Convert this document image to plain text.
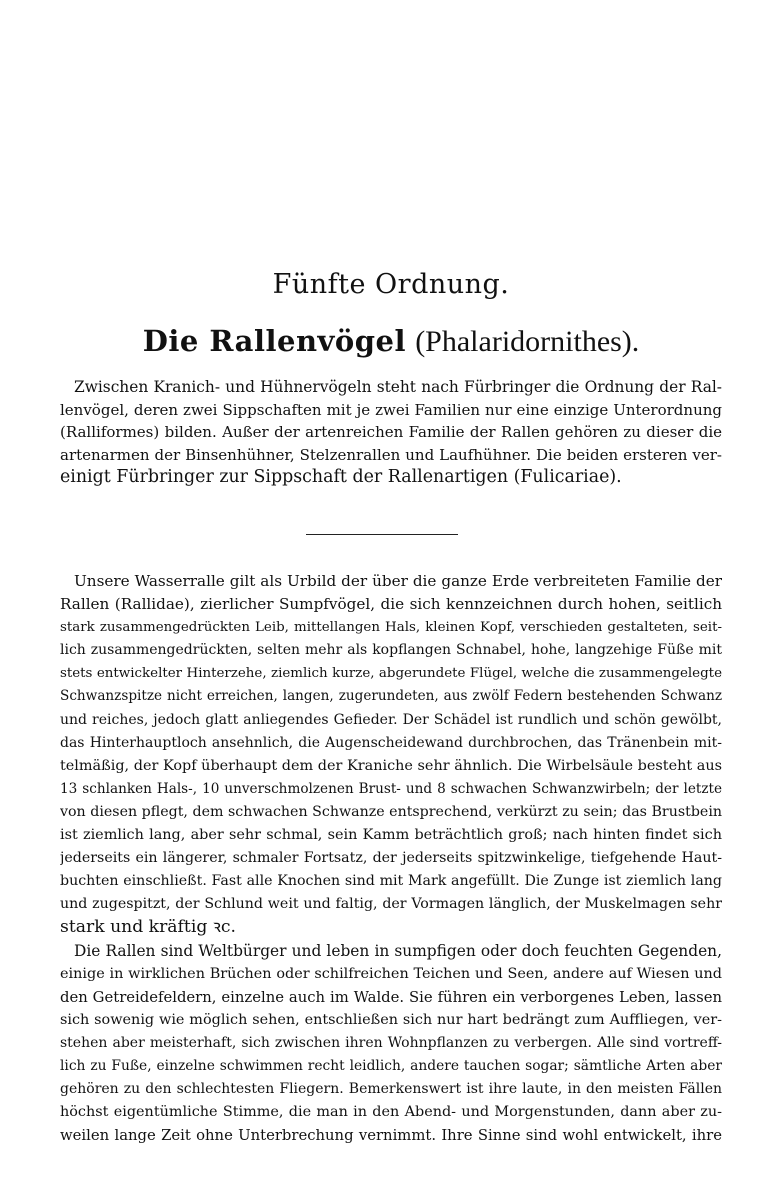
Fünfte Ordnung.
Die Rallenvögel (Phalaridornithes).
Zwischen Kranich- und Hühnervögeln steht nach Fürbringer die Ordnung der Ral-
lenvögel, deren zwei Sippschaften mit je zwei Familien nur eine einzige Unterordnung
(Ralliformes) bilden. Außer der artenreichen Familie der Rallen gehören zu dieser die
artenarmen der Binsenhühner, Stelzenrallen und Laufhühner. Die beiden ersteren ver-
einigt Fürbringer zur Sippschaft der Rallenartigen (Fulicariae).
Unsere Wasserralle gilt als Urbild der über die ganze Erde verbreiteten Familie der
Rallen (Rallidae), zierlicher Sumpfvögel, die sich kennzeichnen durch hohen, seitlich
stark zusammengedrückten Leib, mittellangen Hals, kleinen Kopf, verschieden gestalteten, seit-
lich zusammengedrückten, selten mehr als kopflangen Schnabel, hohe, langzehige Füße mit
stets entwickelter Hinterzehe, ziemlich kurze, abgerundete Flügel, welche die zusammengelegte
Schwanzspitze nicht erreichen, langen, zugerundeten, aus zwölf Federn bestehenden Schwanz
und reiches, jedoch glatt anliegendes Gefieder. Der Schädel ist rundlich und schön gewölbt,
das Hinterhauptloch ansehnlich, die Augenscheidewand durchbrochen, das Tränenbein mit-
telmäßig, der Kopf überhaupt dem der Kraniche sehr ähnlich. Die Wirbelsäule besteht aus
13 schlanken Hals-, 10 unverschmolzenen Brust- und 8 schwachen Schwanzwirbeln; der letzte
von diesen pflegt, dem schwachen Schwanze entsprechend, verkürzt zu sein; das Brustbein
ist ziemlich lang, aber sehr schmal, sein Kamm beträchtlich groß; nach hinten findet sich
jederseits ein längerer, schmaler Fortsatz, der jederseits spitzwinkelige, tiefgehende Haut-
buchten einschließt. Fast alle Knochen sind mit Mark angefüllt. Die Zunge ist ziemlich lang
und zugespitzt, der Schlund weit und faltig, der Vormagen länglich, der Muskelmagen sehr
stark und kräftig ꝛc.
Die Rallen sind Weltbürger und leben in sumpfigen oder doch feuchten Gegenden,
einige in wirklichen Brüchen oder schilfreichen Teichen und Seen, andere auf Wiesen und
den Getreidefeldern, einzelne auch im Walde. Sie führen ein verborgenes Leben, lassen
sich sowenig wie möglich sehen, entschließen sich nur hart bedrängt zum Auffliegen, ver-
stehen aber meisterhaft, sich zwischen ihren Wohnpflanzen zu verbergen. Alle sind vortreff-
lich zu Fuße, einzelne schwimmen recht leidlich, andere tauchen sogar; sämtliche Arten aber
gehören zu den schlechtesten Fliegern. Bemerkenswert ist ihre laute, in den meisten Fällen
höchst eigentümliche Stimme, die man in den Abend- und Morgenstunden, dann aber zu-
weilen lange Zeit ohne Unterbrechung vernimmt. Ihre Sinne sind wohl entwickelt, ihre
